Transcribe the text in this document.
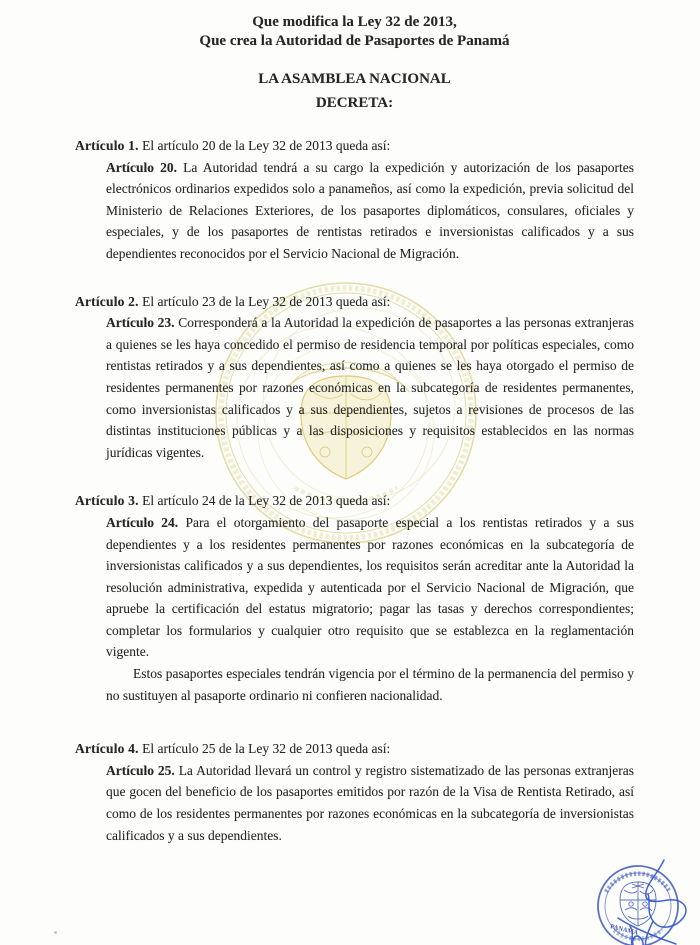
Que modifica la Ley 32 de 2013,
Que crea la Autoridad de Pasaportes de Panamá

LA ASAMBLEA NACIONAL

DECRETA:

Artículo 1. El artículo 20 de la Ley 32 de 2013 queda así:

Artículo 20. La Autoridad tendrá a su cargo la expedición y autorización de los pasaportes electrónicos ordinarios expedidos solo a panameños, así como la expedición, previa solicitud del Ministerio de Relaciones Exteriores, de los pasaportes diplomáticos, consulares, oficiales y especiales, y de los pasaportes de rentistas retirados e inversionistas calificados y a sus dependientes reconocidos por el Servicio Nacional de Migración.

Artículo 2. El artículo 23 de la Ley 32 de 2013 queda así:

Artículo 23. Corresponderá a la Autoridad la expedición de pasaportes a las personas extranjeras a quienes se les haya concedido el permiso de residencia temporal por políticas especiales, como rentistas retirados y a sus dependientes, así como a quienes se les haya otorgado el permiso de residentes permanentes por razones económicas en la subcategoría de residentes permanentes, como inversionistas calificados y a sus dependientes, sujetos a revisiones de procesos de las distintas instituciones públicas y a las disposiciones y requisitos establecidos en las normas jurídicas vigentes.

Artículo 3. El artículo 24 de la Ley 32 de 2013 queda así:

Artículo 24. Para el otorgamiento del pasaporte especial a los rentistas retirados y a sus dependientes y a los residentes permanentes por razones económicas en la subcategoría de inversionistas calificados y a sus dependientes, los requisitos serán acreditar ante la Autoridad la resolución administrativa, expedida y autenticada por el Servicio Nacional de Migración, que apruebe la certificación del estatus migratorio; pagar las tasas y derechos correspondientes; completar los formularios y cualquier otro requisito que se establezca en la reglamentación vigente.

Estos pasaportes especiales tendrán vigencia por el término de la permanencia del permiso y no sustituyen al pasaporte ordinario ni confieren nacionalidad.

Artículo 4. El artículo 25 de la Ley 32 de 2013 queda así:

Artículo 25. La Autoridad llevará un control y registro sistematizado de las personas extranjeras que gocen del beneficio de los pasaportes emitidos por razón de la Visa de Rentista Retirado, así como de los residentes permanentes por razones económicas en la subcategoría de inversionistas calificados y a sus dependientes.

PANAMÁ
